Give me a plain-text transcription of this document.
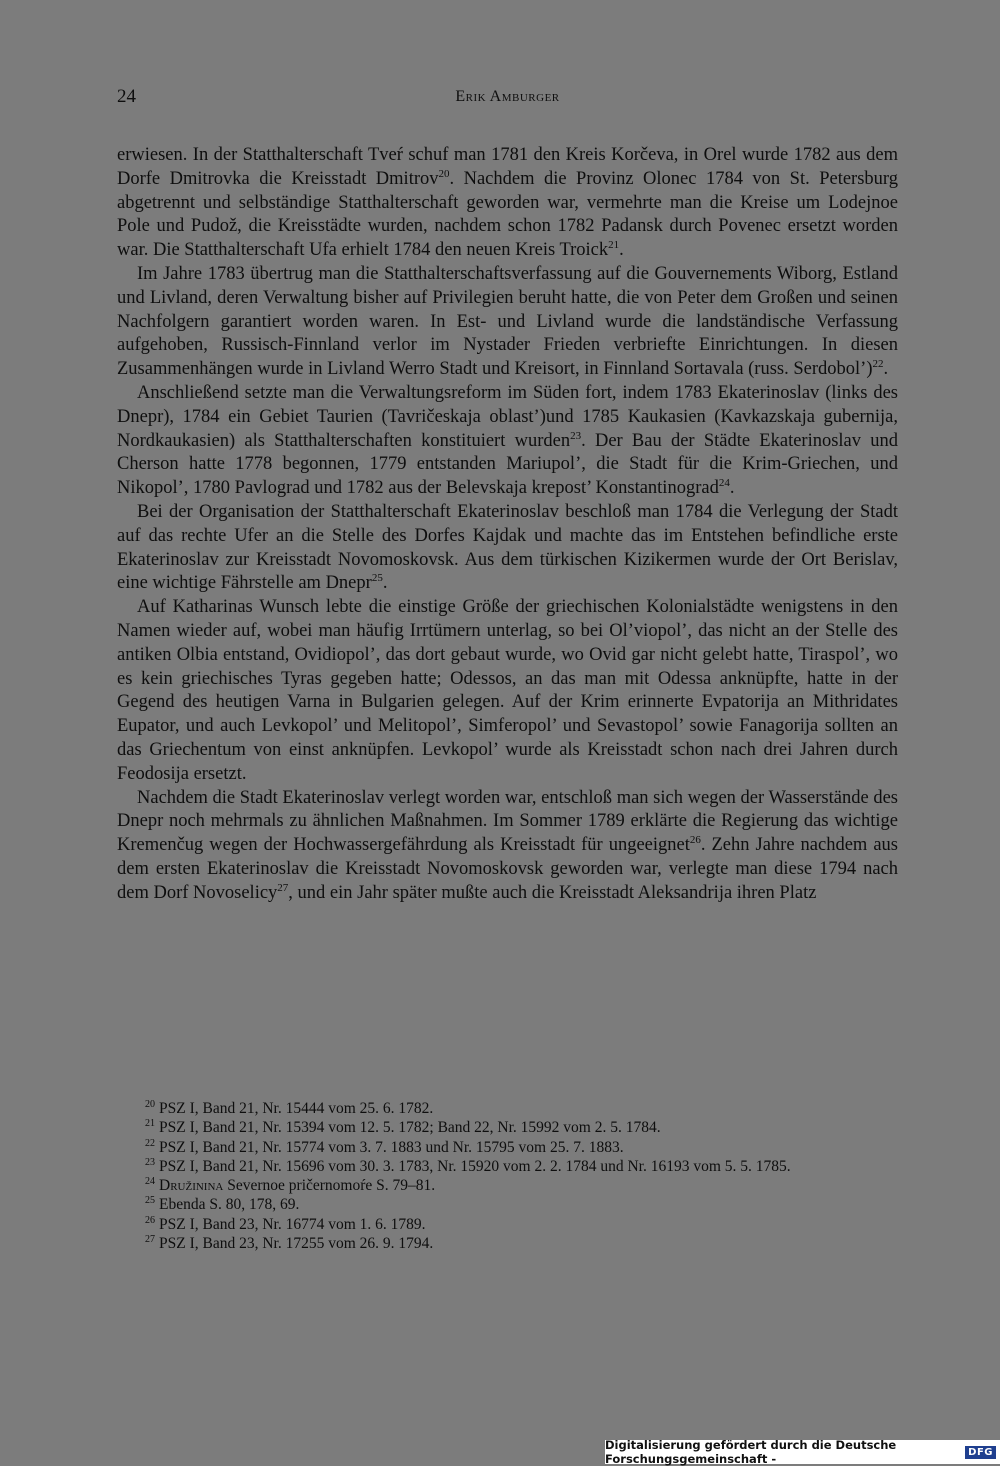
24	Erik Amburger

erwiesen. In der Statthalterschaft Tveŕ schuf man 1781 den Kreis Korčeva, in Orel wurde 1782 aus dem Dorfe Dmitrovka die Kreisstadt Dmitrov$^{20}$. Nachdem die Provinz Olonec 1784 von St. Petersburg abgetrennt und selbständige Statthalterschaft geworden war, vermehrte man die Kreise um Lodejnoe Pole und Pudož, die Kreisstädte wurden, nachdem schon 1782 Padansk durch Povenec ersetzt worden war. Die Statthalterschaft Ufa erhielt 1784 den neuen Kreis Troick$^{21}$.

Im Jahre 1783 übertrug man die Statthalterschaftsverfassung auf die Gouvernements Wiborg, Estland und Livland, deren Verwaltung bisher auf Privilegien beruht hatte, die von Peter dem Großen und seinen Nachfolgern garantiert worden waren. In Est- und Livland wurde die landständische Verfassung aufgehoben, Russisch-Finnland verlor im Nystader Frieden verbriefte Einrichtungen. In diesen Zusammenhängen wurde in Livland Werro Stadt und Kreisort, in Finnland Sortavala (russ. Serdobol’)$^{22}$.

Anschließend setzte man die Verwaltungsreform im Süden fort, indem 1783 Ekaterinoslav (links des Dnepr), 1784 ein Gebiet Taurien (Tavričeskaja oblast’)und 1785 Kaukasien (Kavkazskaja gubernija, Nordkaukasien) als Statthalterschaften konstituiert wurden$^{23}$. Der Bau der Städte Ekaterinoslav und Cherson hatte 1778 begonnen, 1779 entstanden Mariupol’, die Stadt für die Krim-Griechen, und Nikopol’, 1780 Pavlograd und 1782 aus der Belevskaja krepost’ Konstantinograd$^{24}$.

Bei der Organisation der Statthalterschaft Ekaterinoslav beschloß man 1784 die Verlegung der Stadt auf das rechte Ufer an die Stelle des Dorfes Kajdak und machte das im Entstehen befindliche erste Ekaterinoslav zur Kreisstadt Novomoskovsk. Aus dem türkischen Kizikermen wurde der Ort Berislav, eine wichtige Fährstelle am Dnepr$^{25}$.

Auf Katharinas Wunsch lebte die einstige Größe der griechischen Kolonialstädte wenigstens in den Namen wieder auf, wobei man häufig Irrtümern unterlag, so bei Ol’viopol’, das nicht an der Stelle des antiken Olbia entstand, Ovidiopol’, das dort gebaut wurde, wo Ovid gar nicht gelebt hatte, Tiraspol’, wo es kein griechisches Tyras gegeben hatte; Odessos, an das man mit Odessa anknüpfte, hatte in der Gegend des heutigen Varna in Bulgarien gelegen. Auf der Krim erinnerte Evpatorija an Mithridates Eupator, und auch Levkopol’ und Melitopol’, Simferopol’ und Sevastopol’ sowie Fanagorija sollten an das Griechentum von einst anknüpfen. Levkopol’ wurde als Kreisstadt schon nach drei Jahren durch Feodosija ersetzt.

Nachdem die Stadt Ekaterinoslav verlegt worden war, entschloß man sich wegen der Wasserstände des Dnepr noch mehrmals zu ähnlichen Maßnahmen. Im Sommer 1789 erklärte die Regierung das wichtige Kremenčug wegen der Hochwassergefährdung als Kreisstadt für ungeeignet$^{26}$. Zehn Jahre nachdem aus dem ersten Ekaterinoslav die Kreisstadt Novomoskovsk geworden war, verlegte man diese 1794 nach dem Dorf Novoselicy$^{27}$, und ein Jahr später mußte auch die Kreisstadt Aleksandrija ihren Platz

$^{20}$ PSZ I, Band 21, Nr. 15444 vom 25. 6. 1782.
$^{21}$ PSZ I, Band 21, Nr. 15394 vom 12. 5. 1782; Band 22, Nr. 15992 vom 2. 5. 1784.
$^{22}$ PSZ I, Band 21, Nr. 15774 vom 3. 7. 1883 und Nr. 15795 vom 25. 7. 1883.
$^{23}$ PSZ I, Band 21, Nr. 15696 vom 30. 3. 1783, Nr. 15920 vom 2. 2. 1784 und Nr. 16193 vom 5. 5. 1785.
$^{24}$ Družinina Severnoe pričernomoŕe S. 79–81.
$^{25}$ Ebenda S. 80, 178, 69.
$^{26}$ PSZ I, Band 23, Nr. 16774 vom 1. 6. 1789.
$^{27}$ PSZ I, Band 23, Nr. 17255 vom 26. 9. 1794.
Digitalisierung gefördert durch die Deutsche Forschungsgemeinschaft -	DFG
